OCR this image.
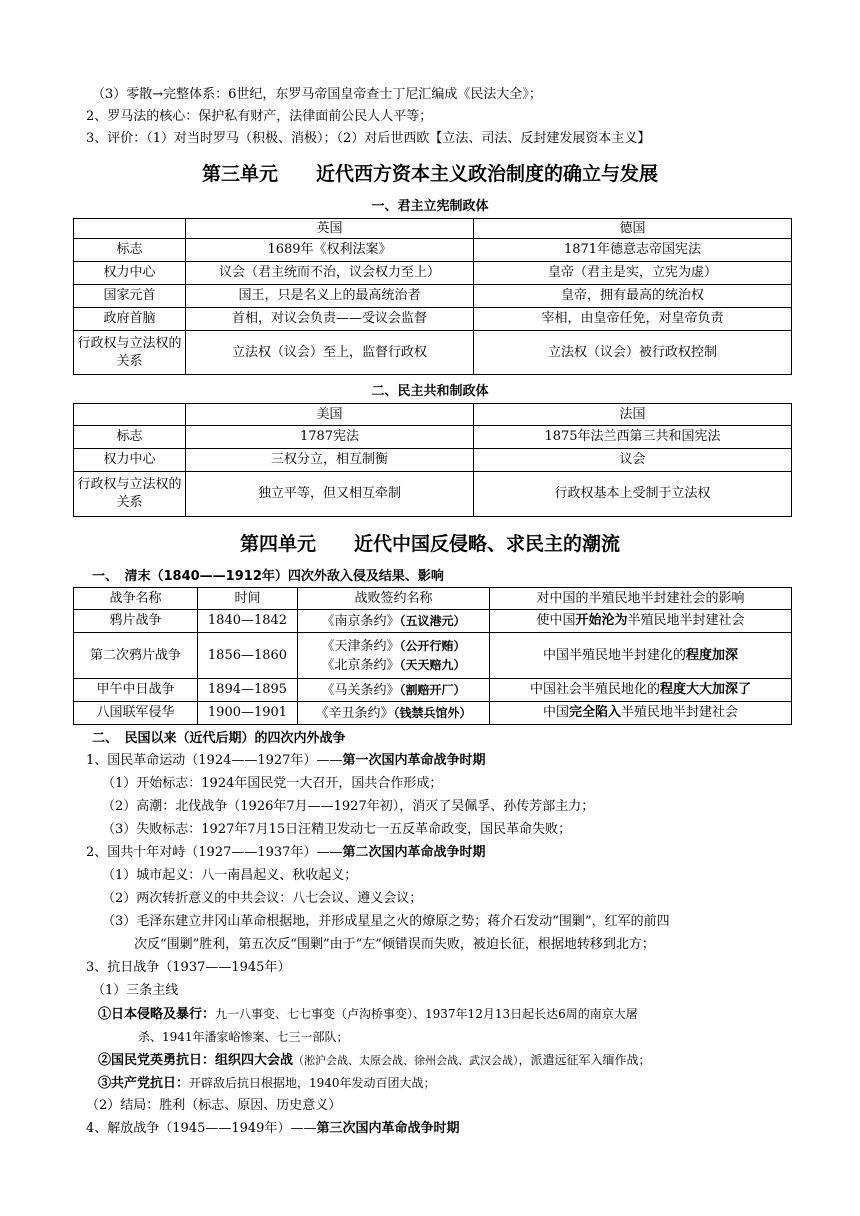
（3）零散→完整体系：6世纪，东罗马帝国皇帝查士丁尼汇编成《民法大全》；
2、罗马法的核心：保护私有财产，法律面前公民人人平等；
3、评价：（1）对当时罗马（积极、消极）；（2）对后世西欧【立法、司法、反封建发展资本主义】
第三单元　　近代西方资本主义政治制度的确立与发展
一、君主立宪制政体
	英国	德国
标志	1689年《权利法案》	1871年德意志帝国宪法
权力中心	议会（君主统而不治，议会权力至上）	皇帝（君主是实，立宪为虚）
国家元首	国王，只是名义上的最高统治者	皇帝，拥有最高的统治权
政府首脑	首相，对议会负责——受议会监督	宰相，由皇帝任免，对皇帝负责
行政权与立法权的关系	立法权（议会）至上，监督行政权	立法权（议会）被行政权控制
二、民主共和制政体
	美国	法国
标志	1787宪法	1875年法兰西第三共和国宪法
权力中心	三权分立，相互制衡	议会
行政权与立法权的关系	独立平等，但又相互牵制	行政权基本上受制于立法权
第四单元　　近代中国反侵略、求民主的潮流
一、　清末（1840——1912年）四次外敌入侵及结果、影响
战争名称	时间	战败签约名称	对中国的半殖民地半封建社会的影响
鸦片战争	1840—1842	《南京条约》（五议港元）	使中国开始沦为半殖民地半封建社会
第二次鸦片战争	1856—1860	《天津条约》（公开行贿）
《北京条约》（天天赔九）	中国半殖民地半封建化的程度加深
甲午中日战争	1894—1895	《马关条约》（割赔开厂）	中国社会半殖民地化的程度大大加深了
八国联军侵华	1900—1901	《辛丑条约》（钱禁兵馆外）	中国完全陷入半殖民地半封建社会
二、　民国以来（近代后期）的四次内外战争
1、国民革命运动（1924——1927年）——第一次国内革命战争时期
（1）开始标志：1924年国民党一大召开，国共合作形成；
（2）高潮：北伐战争（1926年7月——1927年初），消灭了吴佩孚、孙传芳部主力；
（3）失败标志：1927年7月15日汪精卫发动七一五反革命政变，国民革命失败；
2、国共十年对峙（1927——1937年）——第二次国内革命战争时期
（1）城市起义：八一南昌起义、秋收起义；
（2）两次转折意义的中共会议：八七会议、遵义会议；
（3）毛泽东建立井冈山革命根据地，并形成星星之火的燎原之势；蒋介石发动“围剿”，红军的前四
次反“围剿”胜利，第五次反“围剿”由于“左”倾错误而失败，被迫长征，根据地转移到北方；
3、抗日战争（1937——1945年）
（1）三条主线
①日本侵略及暴行：九一八事变、七七事变（卢沟桥事变）、1937年12月13日起长达6周的南京大屠
杀、1941年潘家峪惨案、七三一部队；
②国民党英勇抗日：组织四大会战（淞沪会战、太原会战、徐州会战、武汉会战），派遣远征军入缅作战；
③共产党抗日：开辟敌后抗日根据地，1940年发动百团大战；
（2）结局：胜利（标志、原因、历史意义）
4、解放战争（1945——1949年）——第三次国内革命战争时期
